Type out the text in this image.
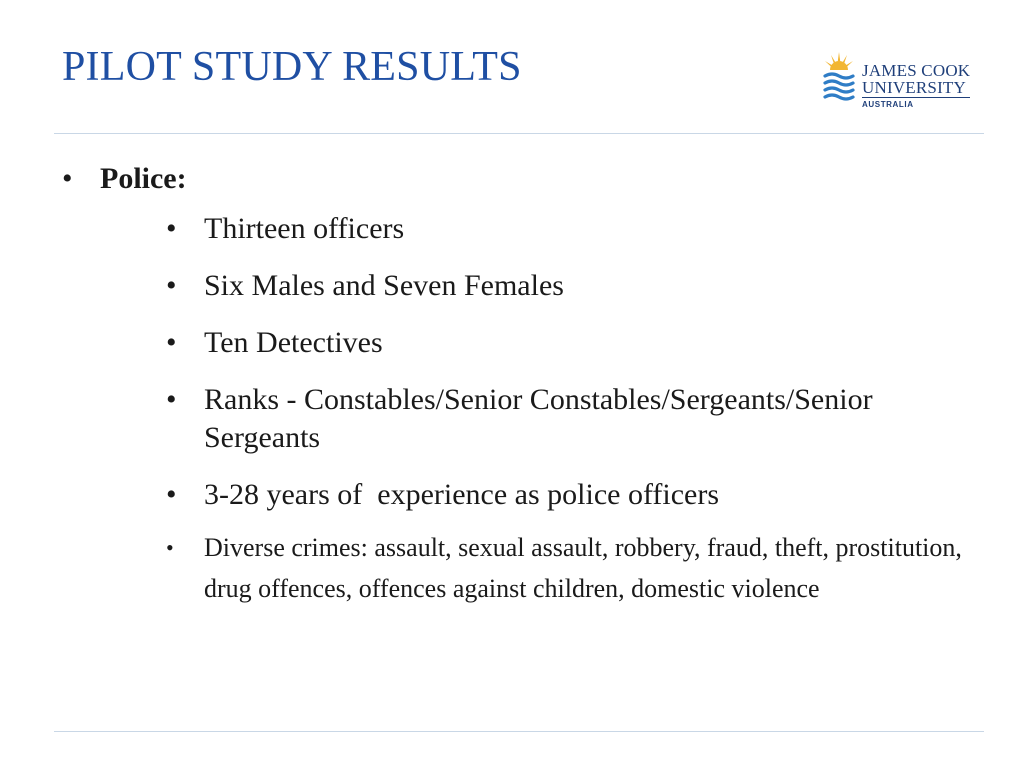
PILOT STUDY RESULTS	JAMES COOK
UNIVERSITY
AUSTRALIA
• Police:
• Thirteen officers
• Six Males and Seven Females
• Ten Detectives
• Ranks - Constables/Senior Constables/Sergeants/Senior Sergeants
• 3-28 years of  experience as police officers
• Diverse crimes: assault, sexual assault, robbery, fraud, theft, prostitution, drug offences, offences against children, domestic violence
